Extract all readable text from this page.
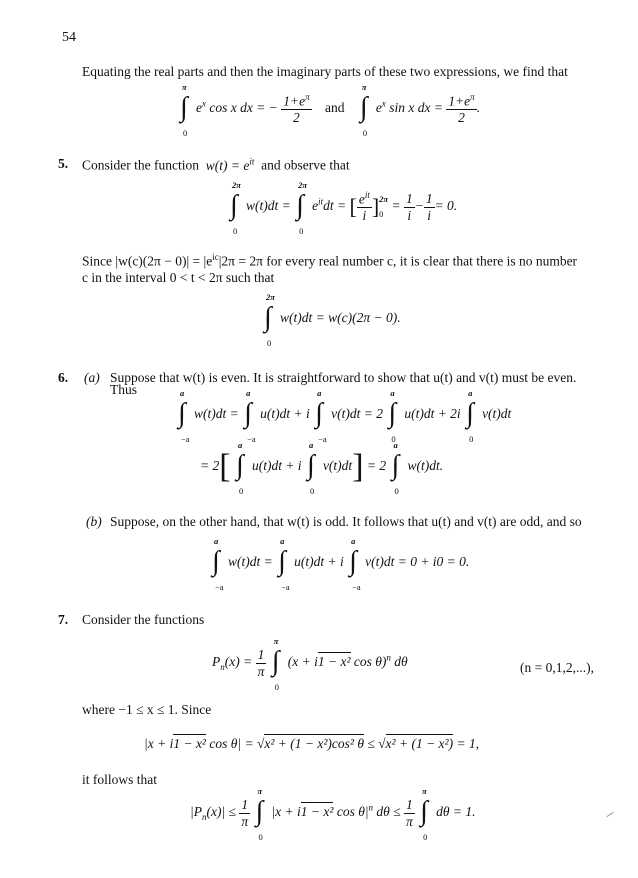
54
Equating the real parts and then the imaginary parts of these two expressions, we find that
π
∫
0
$e^x$ cos x dx = − $\frac{1+e^\pi}{2}$ and
π
∫
0
$e^x$ sin x dx = $\frac{1+e^\pi}{2}$ .
5. Consider the function $w(t) = e^{it}$ and observe that
2π
∫
0
w(t)dt =
2π
∫
0
$e^{it}dt$ = [ $e^{it}$
i ] 2π
0
= $\frac{1}{i} - \frac{1}{i} = 0$.
Since $|w(c)(2\pi - 0)| = |e^{ic}|2\pi = 2\pi$ for every real number c, it is clear that there is no number
c in the interval 0 < t < 2π such that
2π
∫
0
w(t)dt = w(c)(2π − 0).
6. (a) Suppose that w(t) is even. It is straightforward to show that u(t) and v(t) must be even.
Thus	a
∫
−a
w(t)dt =
a
∫
−a
u(t)dt + i
a
∫
−a
v(t)dt = 2
a
∫
0
u(t)dt + 2i
a
∫
0
v(t)dt
= 2[
a
∫
0
u(t)dt + i
a
∫
0
v(t)dt] = 2
a
∫
0
w(t)dt.
(b) Suppose, on the other hand, that w(t) is odd. It follows that u(t) and v(t) are odd, and so
a
∫
−a
w(t)dt =
a
∫
−a
u(t)dt + i
a
∫
−a
v(t)dt = 0 + i0 = 0.
7. Consider the functions
$P_n(x) = \frac{1}{\pi}$

π
∫
0
(x + i1 − x² cos θ)$^n$ dθ	(n = 0,1,2,...),
where −1 ≤ x ≤ 1. Since
|x + i1 − x² cos θ| = √x² + (1 − x²)cos² θ ≤ √x² + (1 − x²) = 1,
it follows that
$|P_n(x)| \le \frac{1}{\pi}$

π
∫
0
|x + i1 − x² $\cos \theta|^n$ $d\theta \le \frac{1}{\pi}$

π
∫
0
dθ = 1.
